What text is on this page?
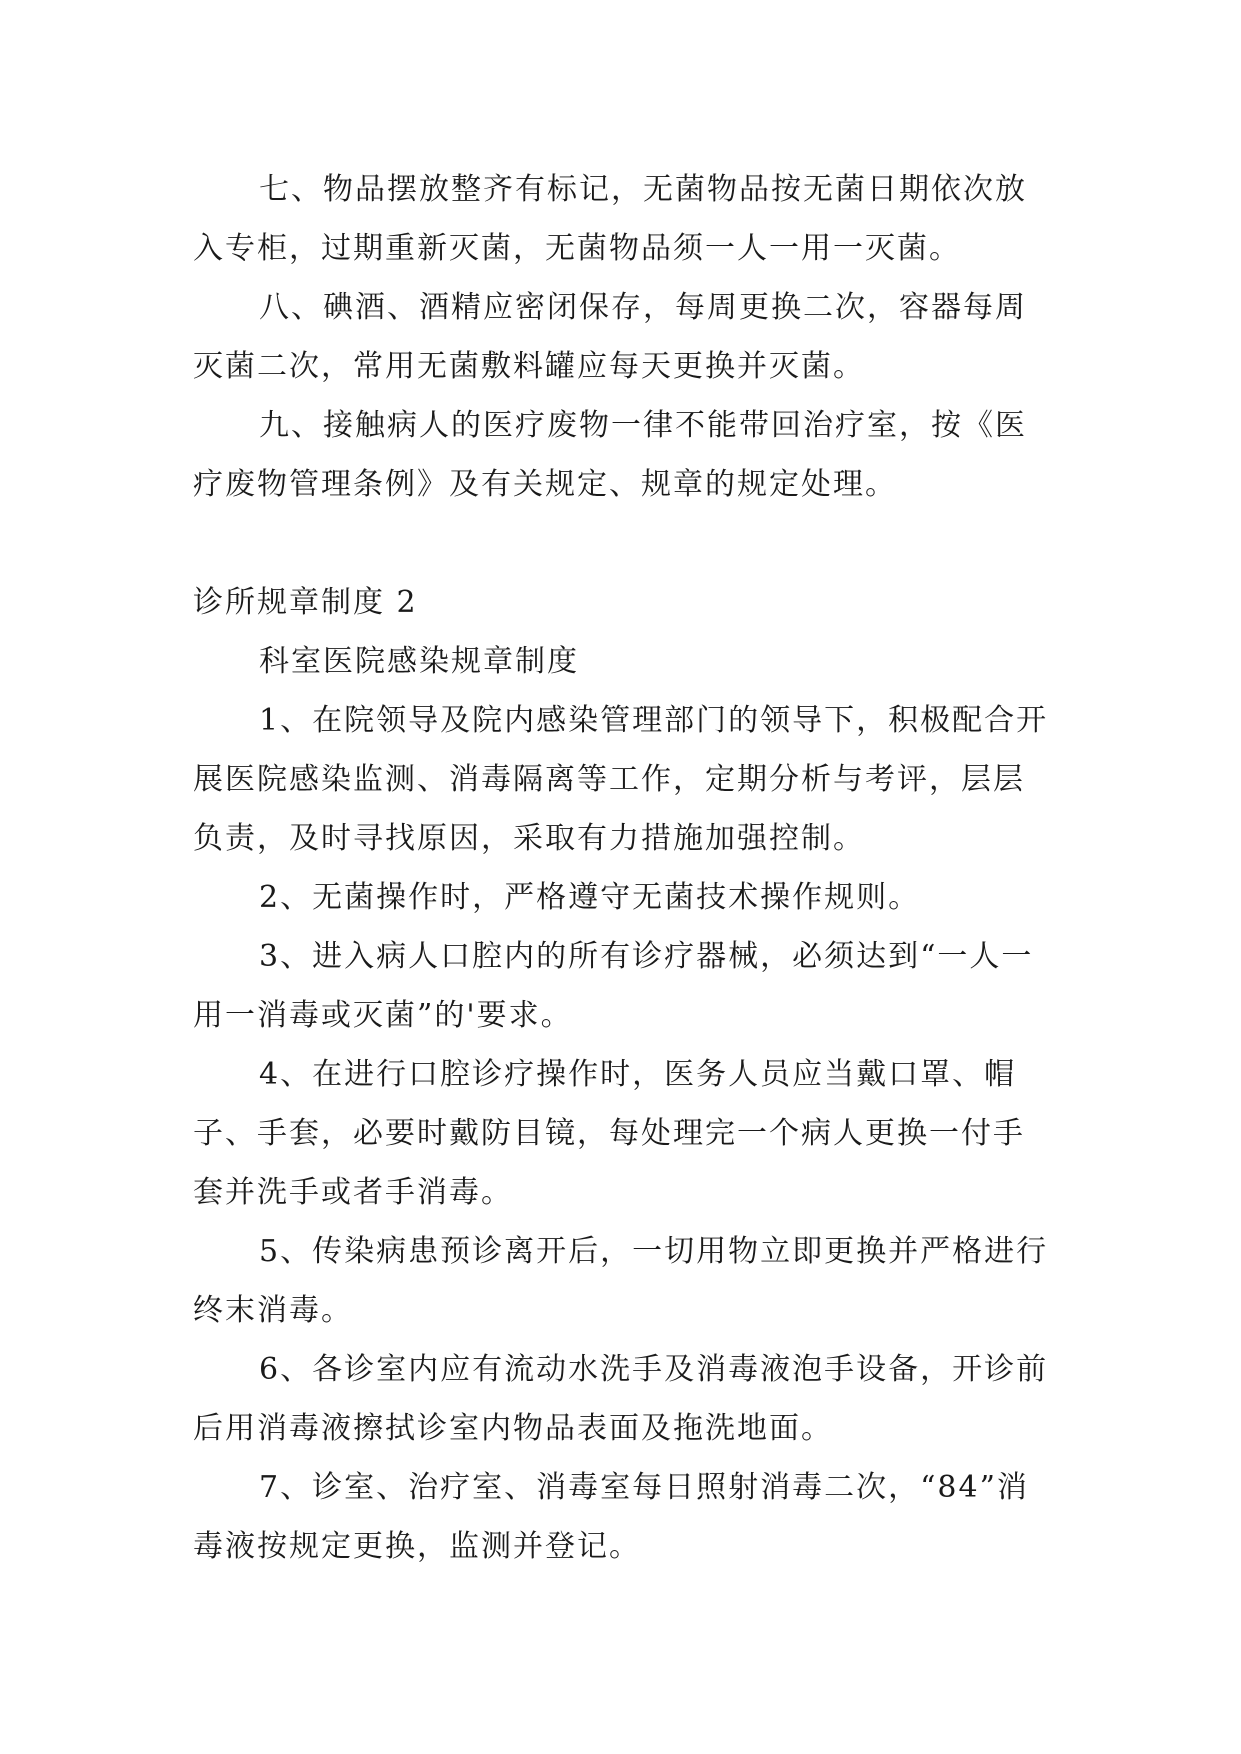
七、物品摆放整齐有标记，无菌物品按无菌日期依次放入专柜，过期重新灭菌，无菌物品须一人一用一灭菌。

八、碘酒、酒精应密闭保存，每周更换二次，容器每周灭菌二次，常用无菌敷料罐应每天更换并灭菌。

九、接触病人的医疗废物一律不能带回治疗室，按《医疗废物管理条例》及有关规定、规章的规定处理。

诊所规章制度 2

科室医院感染规章制度

1、在院领导及院内感染管理部门的领导下，积极配合开展医院感染监测、消毒隔离等工作，定期分析与考评，层层负责，及时寻找原因，采取有力措施加强控制。

2、无菌操作时，严格遵守无菌技术操作规则。

3、进入病人口腔内的所有诊疗器械，必须达到“一人一用一消毒或灭菌”的'要求。

4、在进行口腔诊疗操作时，医务人员应当戴口罩、帽子、手套，必要时戴防目镜，每处理完一个病人更换一付手套并洗手或者手消毒。

5、传染病患预诊离开后，一切用物立即更换并严格进行终末消毒。

6、各诊室内应有流动水洗手及消毒液泡手设备，开诊前后用消毒液擦拭诊室内物品表面及拖洗地面。

7、诊室、治疗室、消毒室每日照射消毒二次，“84”消毒液按规定更换，监测并登记。
